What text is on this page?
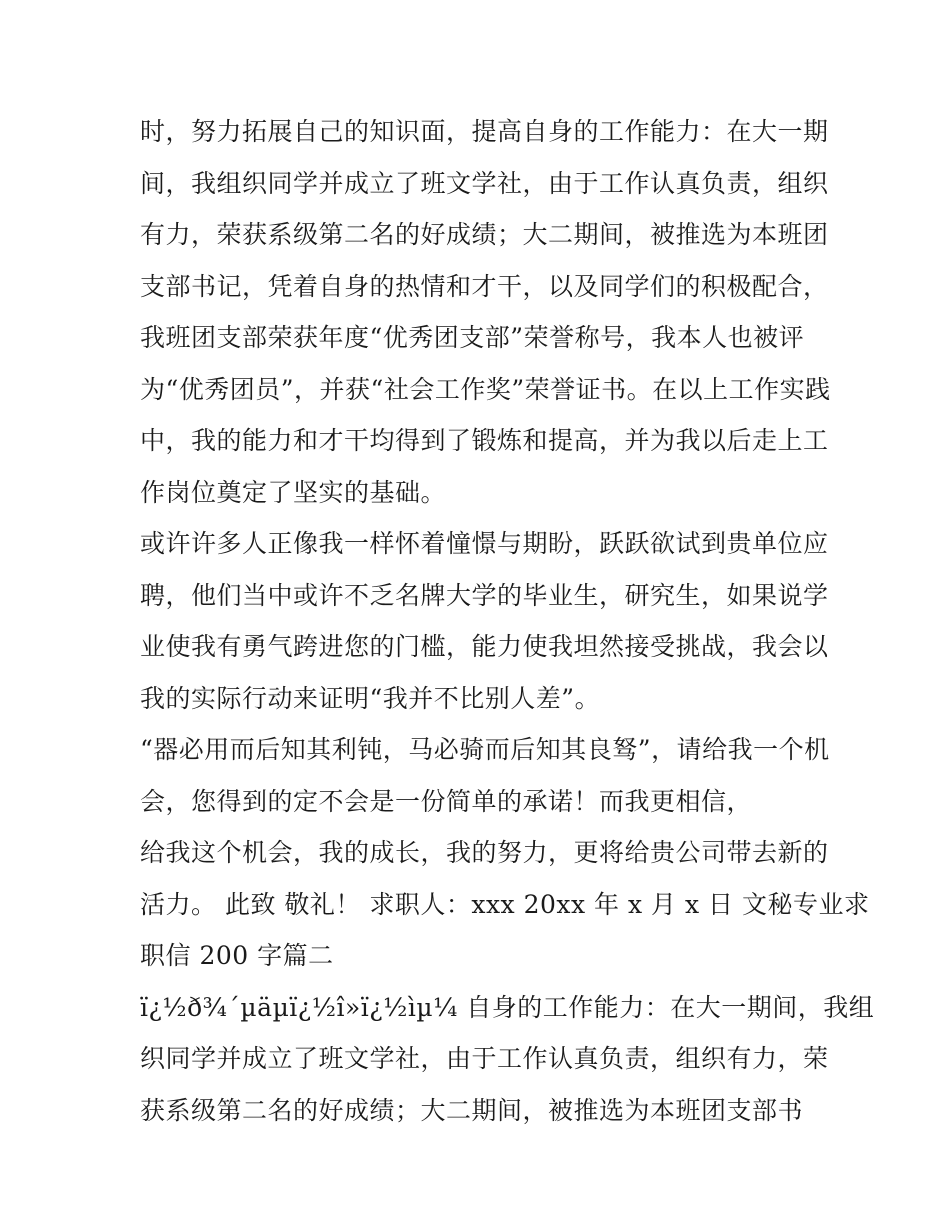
时，努力拓展自己的知识面，提高自身的工作能力：在大一期
间，我组织同学并成立了班文学社，由于工作认真负责，组织
有力，荣获系级第二名的好成绩；大二期间，被推选为本班团
支部书记，凭着自身的热情和才干，以及同学们的积极配合，
我班团支部荣获年度“优秀团支部”荣誉称号，我本人也被评
为“优秀团员”，并获“社会工作奖”荣誉证书。在以上工作实践
中，我的能力和才干均得到了锻炼和提高，并为我以后走上工
作岗位奠定了坚实的基础。
或许许多人正像我一样怀着憧憬与期盼，跃跃欲试到贵单位应
聘，他们当中或许不乏名牌大学的毕业生，研究生，如果说学
业使我有勇气跨进您的门槛，能力使我坦然接受挑战，我会以
我的实际行动来证明“我并不比别人差”。
“器必用而后知其利钝，马必骑而后知其良驽”，请给我一个机
会，您得到的定不会是一份简单的承诺！而我更相信，
给我这个机会，我的成长，我的努力，更将给贵公司带去新的
活力。 此致 敬礼！ 求职人：xxx 20xx 年 x 月 x 日 文秘专业求
职信 200 字篇二
ï¿½ð¾´µäµï¿½î»ï¿½ìµ¼ 自身的工作能力：在大一期间，我组
织同学并成立了班文学社，由于工作认真负责，组织有力，荣
获系级第二名的好成绩；大二期间，被推选为本班团支部书
